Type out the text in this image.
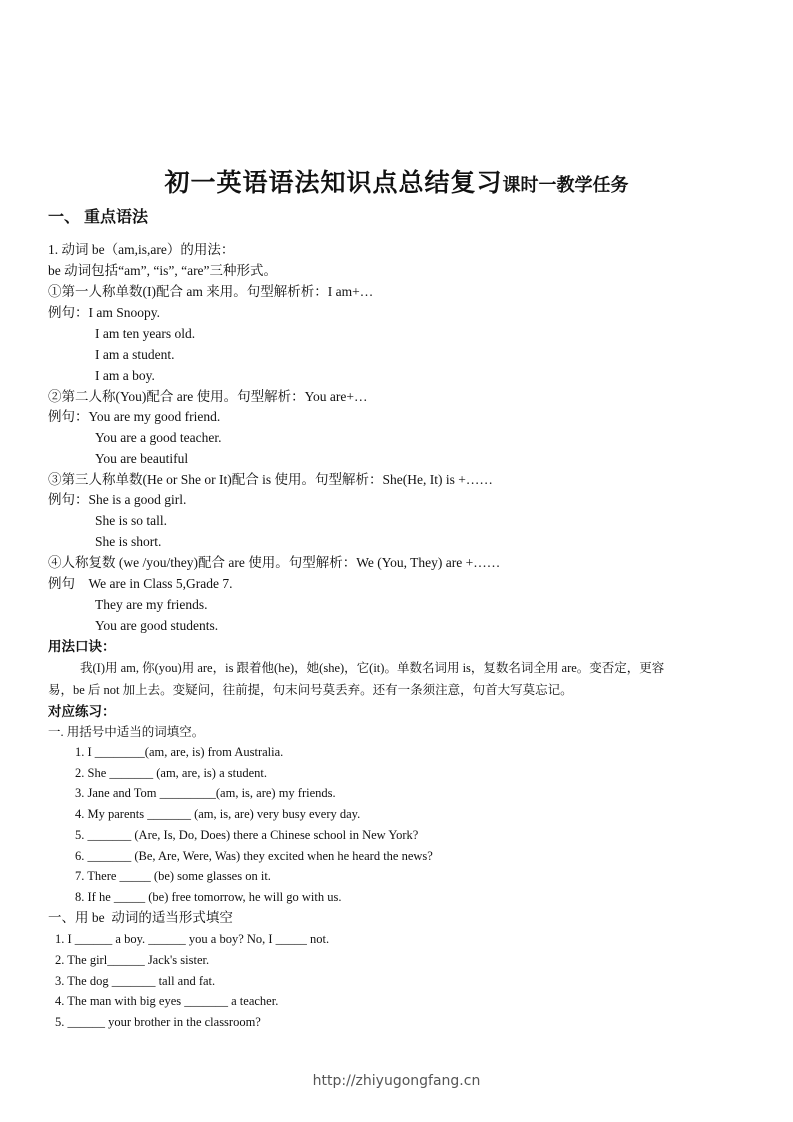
初一英语语法知识点总结复习课时一教学任务
一、 重点语法
1. 动词 be（am,is,are）的用法：
be 动词包括“am”, “is”, “are”三种形式。
①第一人称单数(I)配合 am 来用。句型解析析：I am+…
例句：I am Snoopy.
I am ten years old.
I am a student.
I am a boy.
②第二人称(You)配合 are 使用。句型解析：You are+…
例句：You are my good friend.
You are a good teacher.
You are beautiful
③第三人称单数(He or She or It)配合 is 使用。句型解析：She(He, It) is +……
例句：She is a good girl.
She is so tall.
She is short.
④人称复数 (we /you/they)配合 are 使用。句型解析：We (You, They) are +……
例句    We are in Class 5,Grade 7.
They are my friends.
You are good students.
用法口诀：
我(I)用 am, 你(you)用 are，is 跟着他(he)，她(she)，它(it)。单数名词用 is，复数名词全用 are。变否定，更容
易，be 后 not 加上去。变疑问，往前提，句末问号莫丢弃。还有一条须注意，句首大写莫忘记。
对应练习：
一. 用括号中适当的词填空。
1. I ________(am, are, is) from Australia.
2. She _______ (am, are, is) a student.
3. Jane and Tom _________(am, is, are) my friends.
4. My parents _______ (am, is, are) very busy every day.
5. _______ (Are, Is, Do, Does) there a Chinese school in New York?
6. _______ (Be, Are, Were, Was) they excited when he heard the news?
7. There _____ (be) some glasses on it.
8. If he _____ (be) free tomorrow, he will go with us.
一、用 be  动词的适当形式填空
1. I ______ a boy. ______ you a boy? No, I _____ not.
2. The girl______ Jack's sister.
3. The dog _______ tall and fat.
4. The man with big eyes _______ a teacher.
5. ______ your brother in the classroom?
http://zhiyugongfang.cn
